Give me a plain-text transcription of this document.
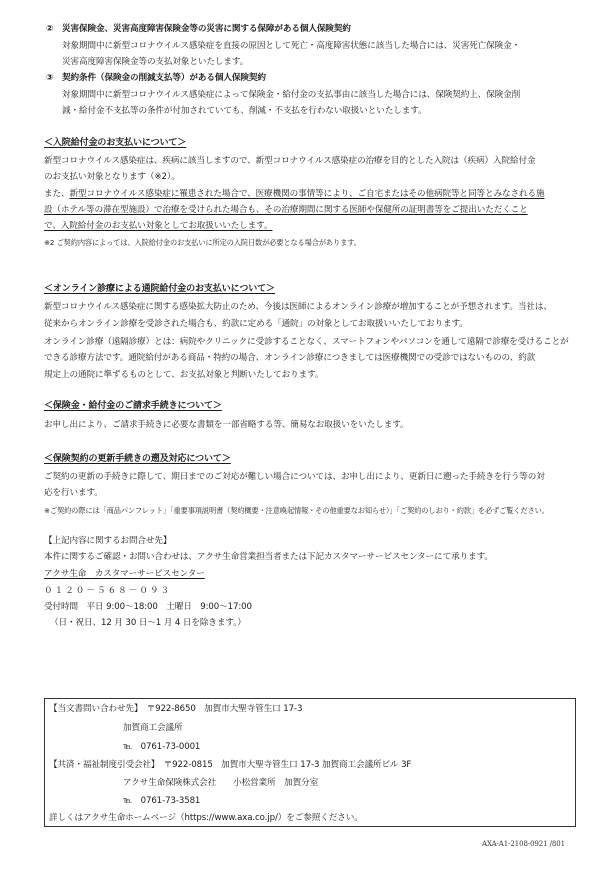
② 災害保険金、災害高度障害保険金等の災害に関する保障がある個人保険契約
対象期間中に新型コロナウイルス感染症を直接の原因として死亡・高度障害状態に該当した場合には、災害死亡保険金・
災害高度障害保険金等の支払対象といたします。
③ 契約条件（保険金の削減支払等）がある個人保険契約
対象期間中に新型コロナウイルス感染症によって保険金・給付金の支払事由に該当した場合には、保険契約上、保険金削
減・給付金不支払等の条件が付加されていても、削減・不支払を行わない取扱いといたします。
＜入院給付金のお支払いについて＞
新型コロナウイルス感染症は、疾病に該当しますので、新型コロナウイルス感染症の治療を目的とした入院は（疾病）入院給付金
のお支払い対象となります（※2）。
また、新型コロナウイルス感染症に罹患された場合で、医療機関の事情等により、ご自宅またはその他病院等と同等とみなされる施
設（ホテル等の滞在型施設）で治療を受けられた場合も、その治療期間に関する医師や保健所の証明書等をご提出いただくこと
で、入院給付金のお支払い対象としてお取扱いいたします。
※2 ご契約内容によっては、入院給付金のお支払いに所定の入院日数が必要となる場合があります。
＜オンライン診療による通院給付金のお支払いについて＞
新型コロナウイルス感染症に関する感染拡大防止のため、今後は医師によるオンライン診療が増加することが予想されます。当社は、
従来からオンライン診療を受診された場合も、約款に定める「通院」の対象としてお取扱いいたしております。
オンライン診療（遠隔診療）とは：病院やクリニックに受診することなく、スマートフォンやパソコンを通して遠隔で診療を受けることが
できる診療方法です。通院給付がある商品・特約の場合、オンライン診療につきましては医療機関での受診ではないものの、約款
規定上の通院に準ずるものとして、お支払対象と判断いたしております。
＜保険金・給付金のご請求手続きについて＞
お申し出により、ご請求手続きに必要な書類を一部省略する等、簡易なお取扱いをいたします。
＜保険契約の更新手続きの遡及対応について＞
ご契約の更新の手続きに際して、期日までのご対応が難しい場合については、お申し出により、更新日に遡った手続きを行う等の対
応を行います。
※ご契約の際には「商品パンフレット」「重要事項説明書（契約概要・注意喚起情報・その他重要なお知らせ）」「ご契約のしおり・約款」を必ずご覧ください。
【上記内容に関するお問合せ先】
本件に関するご確認・お問い合わせは、アクサ生命営業担当者または下記カスタマーサービスセンターにて承ります。
アクサ生命　カスタマーサービスセンター
０１２０－５６８－０９３
受付時間　平日 9:00～18:00　土曜日　9:00～17:00
（日・祝日、12 月 30 日～1 月 4 日を除きます。）
【当文書問い合わせ先】　〒922-8650　加賀市大聖寺管生口 17-3
加賀商工会議所
℡　0761-73-0001
【共済・福祉制度引受会社】　〒922-0815　加賀市大聖寺管生口 17-3 加賀商工会議所ビル 3F
アクサ生命保険株式会社　　小松営業所　加賀分室
℡　0761-73-3581
詳しくはアクサ生命ホームページ（https://www.axa.co.jp/）をご参照ください。
AXA-A1-2108-0921 /801
